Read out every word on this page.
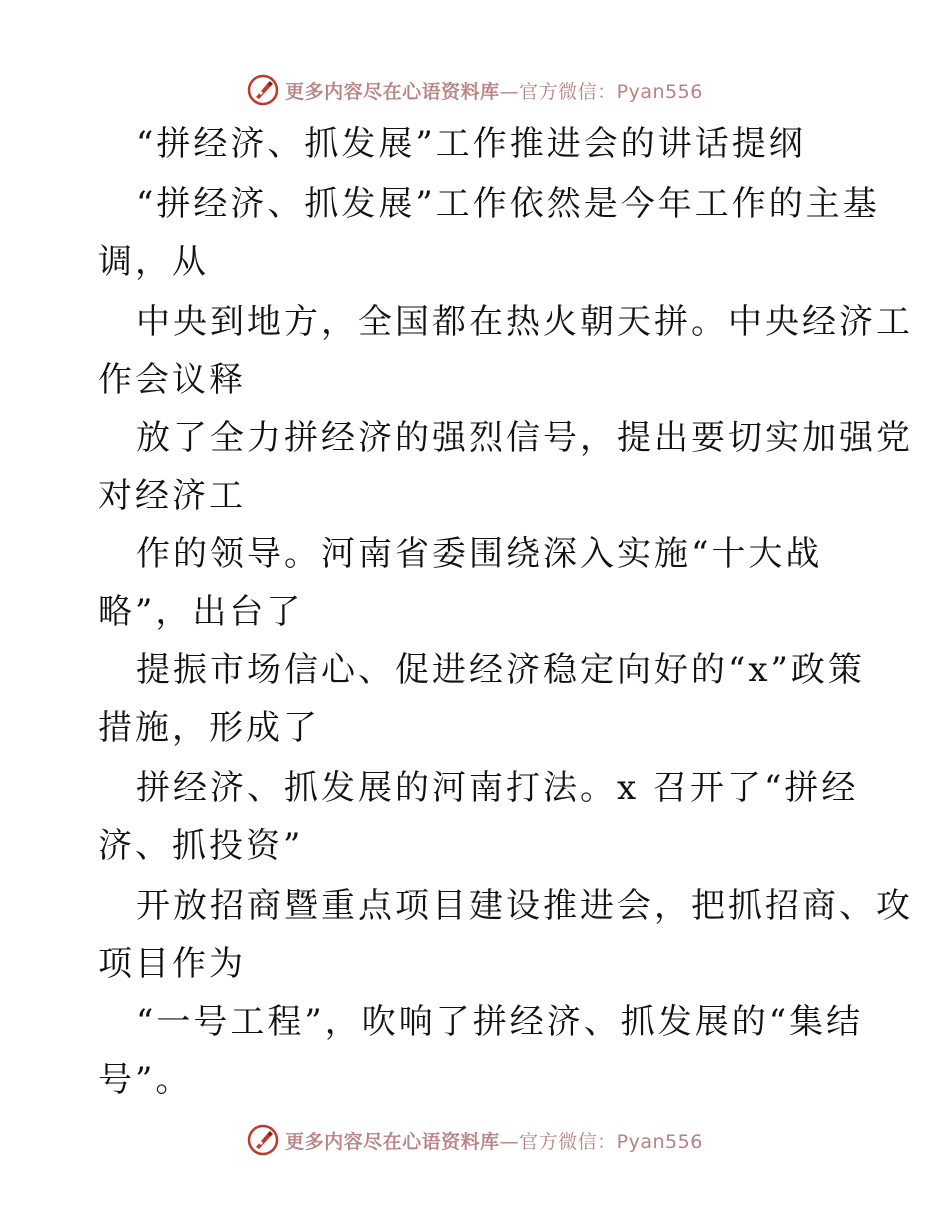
更多内容尽在心语资料库—官方微信：Pyan556
“拼经济、抓发展”工作推进会的讲话提纲
“拼经济、抓发展”工作依然是今年工作的主基
调，从
中央到地方，全国都在热火朝天拼。中央经济工
作会议释
放了全力拼经济的强烈信号，提出要切实加强党
对经济工
作的领导。河南省委围绕深入实施“十大战
略”，出台了
提振市场信心、促进经济稳定向好的“x”政策
措施，形成了
拼经济、抓发展的河南打法。x 召开了“拼经
济、抓投资”
开放招商暨重点项目建设推进会，把抓招商、攻
项目作为
“一号工程”，吹响了拼经济、抓发展的“集结
号”。
更多内容尽在心语资料库—官方微信：Pyan556
